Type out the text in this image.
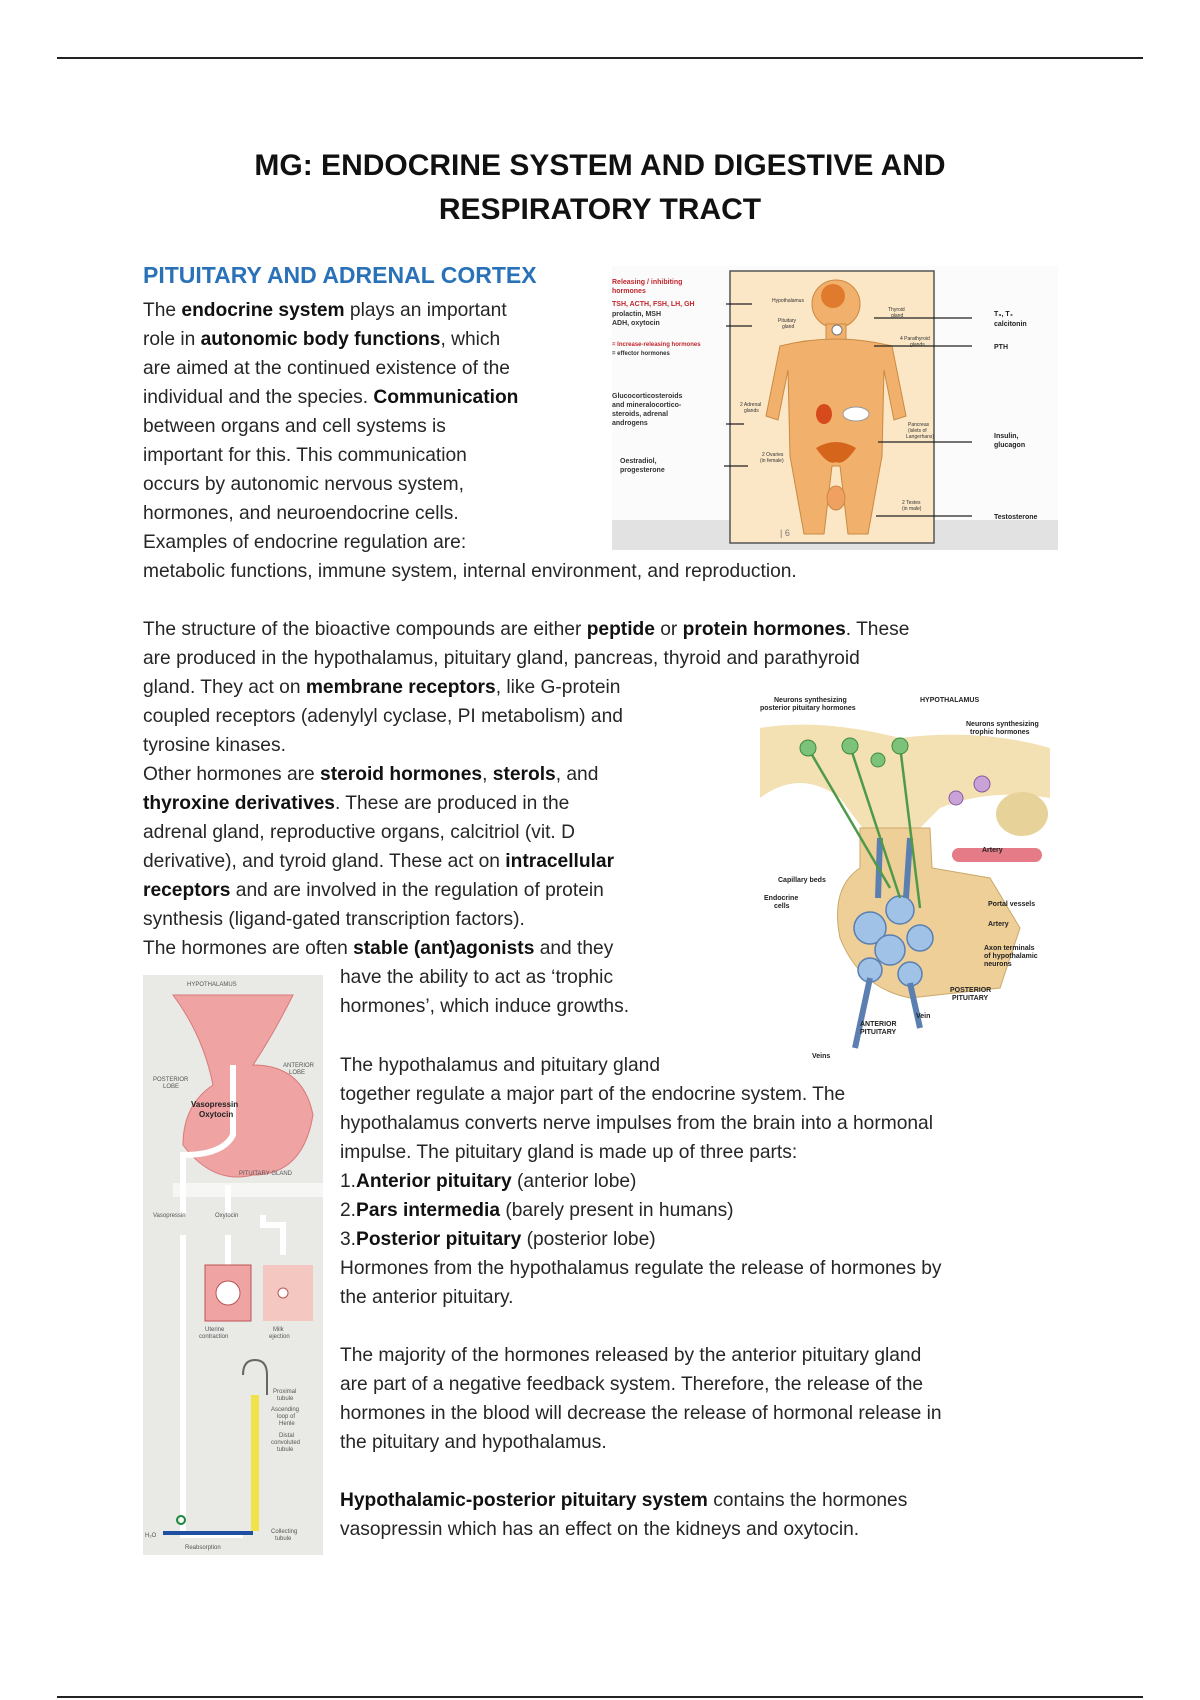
MG: ENDOCRINE SYSTEM AND DIGESTIVE AND
RESPIRATORY TRACT
PITUITARY AND ADRENAL CORTEX
The endocrine system plays an important
role in autonomic body functions, which
are aimed at the continued existence of the
individual and the species. Communication
between organs and cell systems is
important for this. This communication
occurs by autonomic nervous system,
hormones, and neuroendocrine cells.
Examples of endocrine regulation are:
metabolic functions, immune system, internal environment, and reproduction.
The structure of the bioactive compounds are either peptide or protein hormones. These
are produced in the hypothalamus, pituitary gland, pancreas, thyroid and parathyroid
gland. They act on membrane receptors, like G-protein
coupled receptors (adenylyl cyclase, PI metabolism) and
tyrosine kinases.
Other hormones are steroid hormones, sterols, and
thyroxine derivatives. These are produced in the
adrenal gland, reproductive organs, calcitriol (vit. D
derivative), and tyroid gland. These act on intracellular
receptors and are involved in the regulation of protein
synthesis (ligand-gated transcription factors).
The hormones are often stable (ant)agonists and they
have the ability to act as ‘trophic
hormones’, which induce growths.
The hypothalamus and pituitary gland
together regulate a major part of the endocrine system. The
hypothalamus converts nerve impulses from the brain into a hormonal
impulse. The pituitary gland is made up of three parts:
1.Anterior pituitary (anterior lobe)
2.Pars intermedia (barely present in humans)
3.Posterior pituitary (posterior lobe)
Hormones from the hypothalamus regulate the release of hormones by
the anterior pituitary.
The majority of the hormones released by the anterior pituitary gland
are part of a negative feedback system. Therefore, the release of the
hormones in the blood will decrease the release of hormonal release in
the pituitary and hypothalamus.
Hypothalamic-posterior pituitary system contains the hormones
vasopressin which has an effect on the kidneys and oxytocin.
Releasing / inhibiting
hormones
TSH, ACTH, FSH, LH, GH
prolactin, MSH
ADH, oxytocin
= Increase-releasing hormones
= effector hormones
Glucocorticosteroids
and mineralocortico-
steroids, adrenal
androgens
Oestradiol,
progesterone
Hypothalamus
Pituitary
gland
Thyroid
gland
4 Parathyroid
glands
2 Adrenal
glands
Pancreas
(islets of
Langerhans)
2 Ovaries
(in female)
2 Testes
(in male)
| 6
T₃, T₄
calcitonin
PTH
Insulin,
glucagon
Testosterone
Neurons synthesizing
posterior pituitary hormones
HYPOTHALAMUS
Neurons synthesizing
trophic hormones
Artery
Capillary beds
Endocrine
cells	Portal vessels
Artery
Axon terminals
of hypothalamic
neurons
POSTERIOR
PITUITARY
Vein
ANTERIOR
PITUITARY
Veins
HYPOTHALAMUS
POSTERIOR
LOBE
ANTERIOR
LOBE
PITUITARY GLAND
Vasopressin	Oxytocin
Uterine
contraction
Milk
ejection
Proximal
tubule
Ascending
loop of
Henle
Distal
convoluted
tubule
H₂O
Collecting
tubule
Reabsorption
Vasopressin
Oxytocin
